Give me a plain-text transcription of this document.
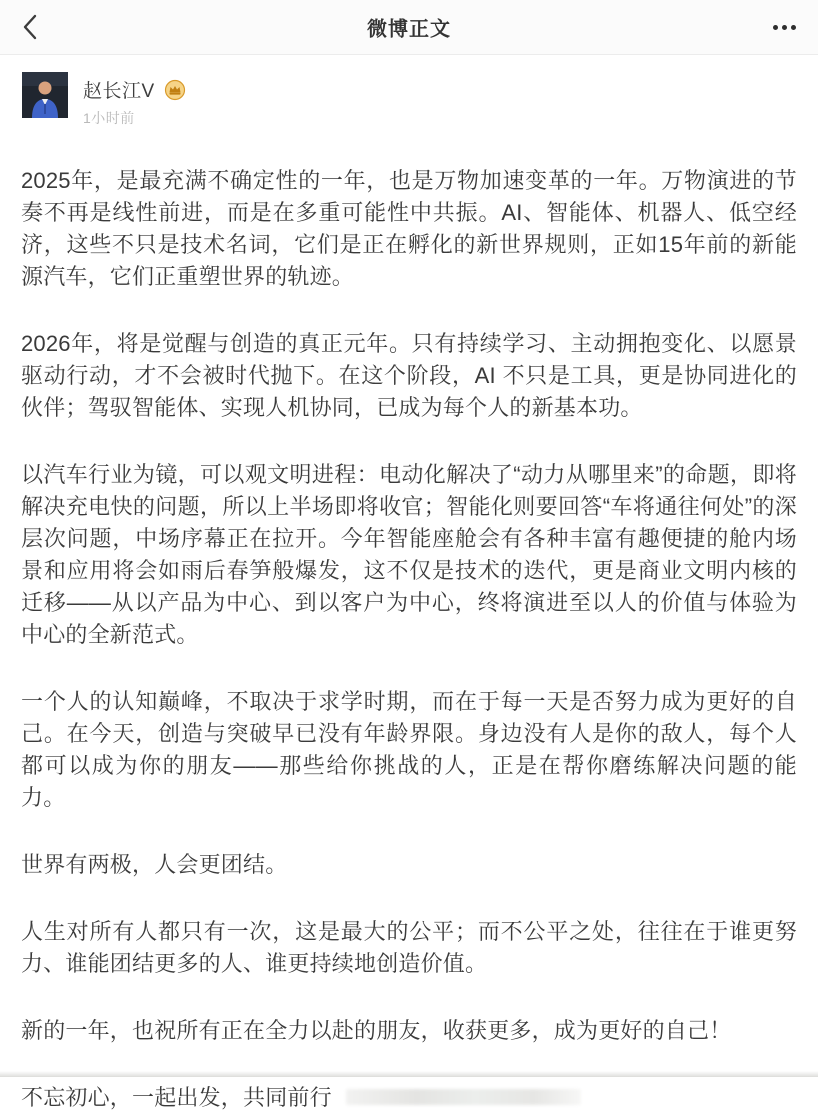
微博正文
赵长江V
1小时前

2025年，是最充满不确定性的一年，也是万物加速变革的一年。万物演进的节奏不再是线性前进，而是在多重可能性中共振。AI、智能体、机器人、低空经济，这些不只是技术名词，它们是正在孵化的新世界规则，正如15年前的新能源汽车，它们正重塑世界的轨迹。

2026年，将是觉醒与创造的真正元年。只有持续学习、主动拥抱变化、以愿景驱动行动，才不会被时代抛下。在这个阶段，AI 不只是工具，更是协同进化的伙伴；驾驭智能体、实现人机协同，已成为每个人的新基本功。

以汽车行业为镜，可以观文明进程：电动化解决了“动力从哪里来”的命题，即将解决充电快的问题，所以上半场即将收官；智能化则要回答“车将通往何处”的深层次问题，中场序幕正在拉开。今年智能座舱会有各种丰富有趣便捷的舱内场景和应用将会如雨后春笋般爆发，这不仅是技术的迭代，更是商业文明内核的迁移——从以产品为中心、到以客户为中心，终将演进至以人的价值与体验为中心的全新范式。

一个人的认知巅峰，不取决于求学时期，而在于每一天是否努力成为更好的自己。在今天，创造与突破早已没有年龄界限。身边没有人是你的敌人，每个人都可以成为你的朋友——那些给你挑战的人，正是在帮你磨练解决问题的能力。

世界有两极，人会更团结。

人生对所有人都只有一次，这是最大的公平；而不公平之处，往往在于谁更努力、谁能团结更多的人、谁更持续地创造价值。

新的一年，也祝所有正在全力以赴的朋友，收获更多，成为更好的自己！

不忘初心，一起出发，共同前行
